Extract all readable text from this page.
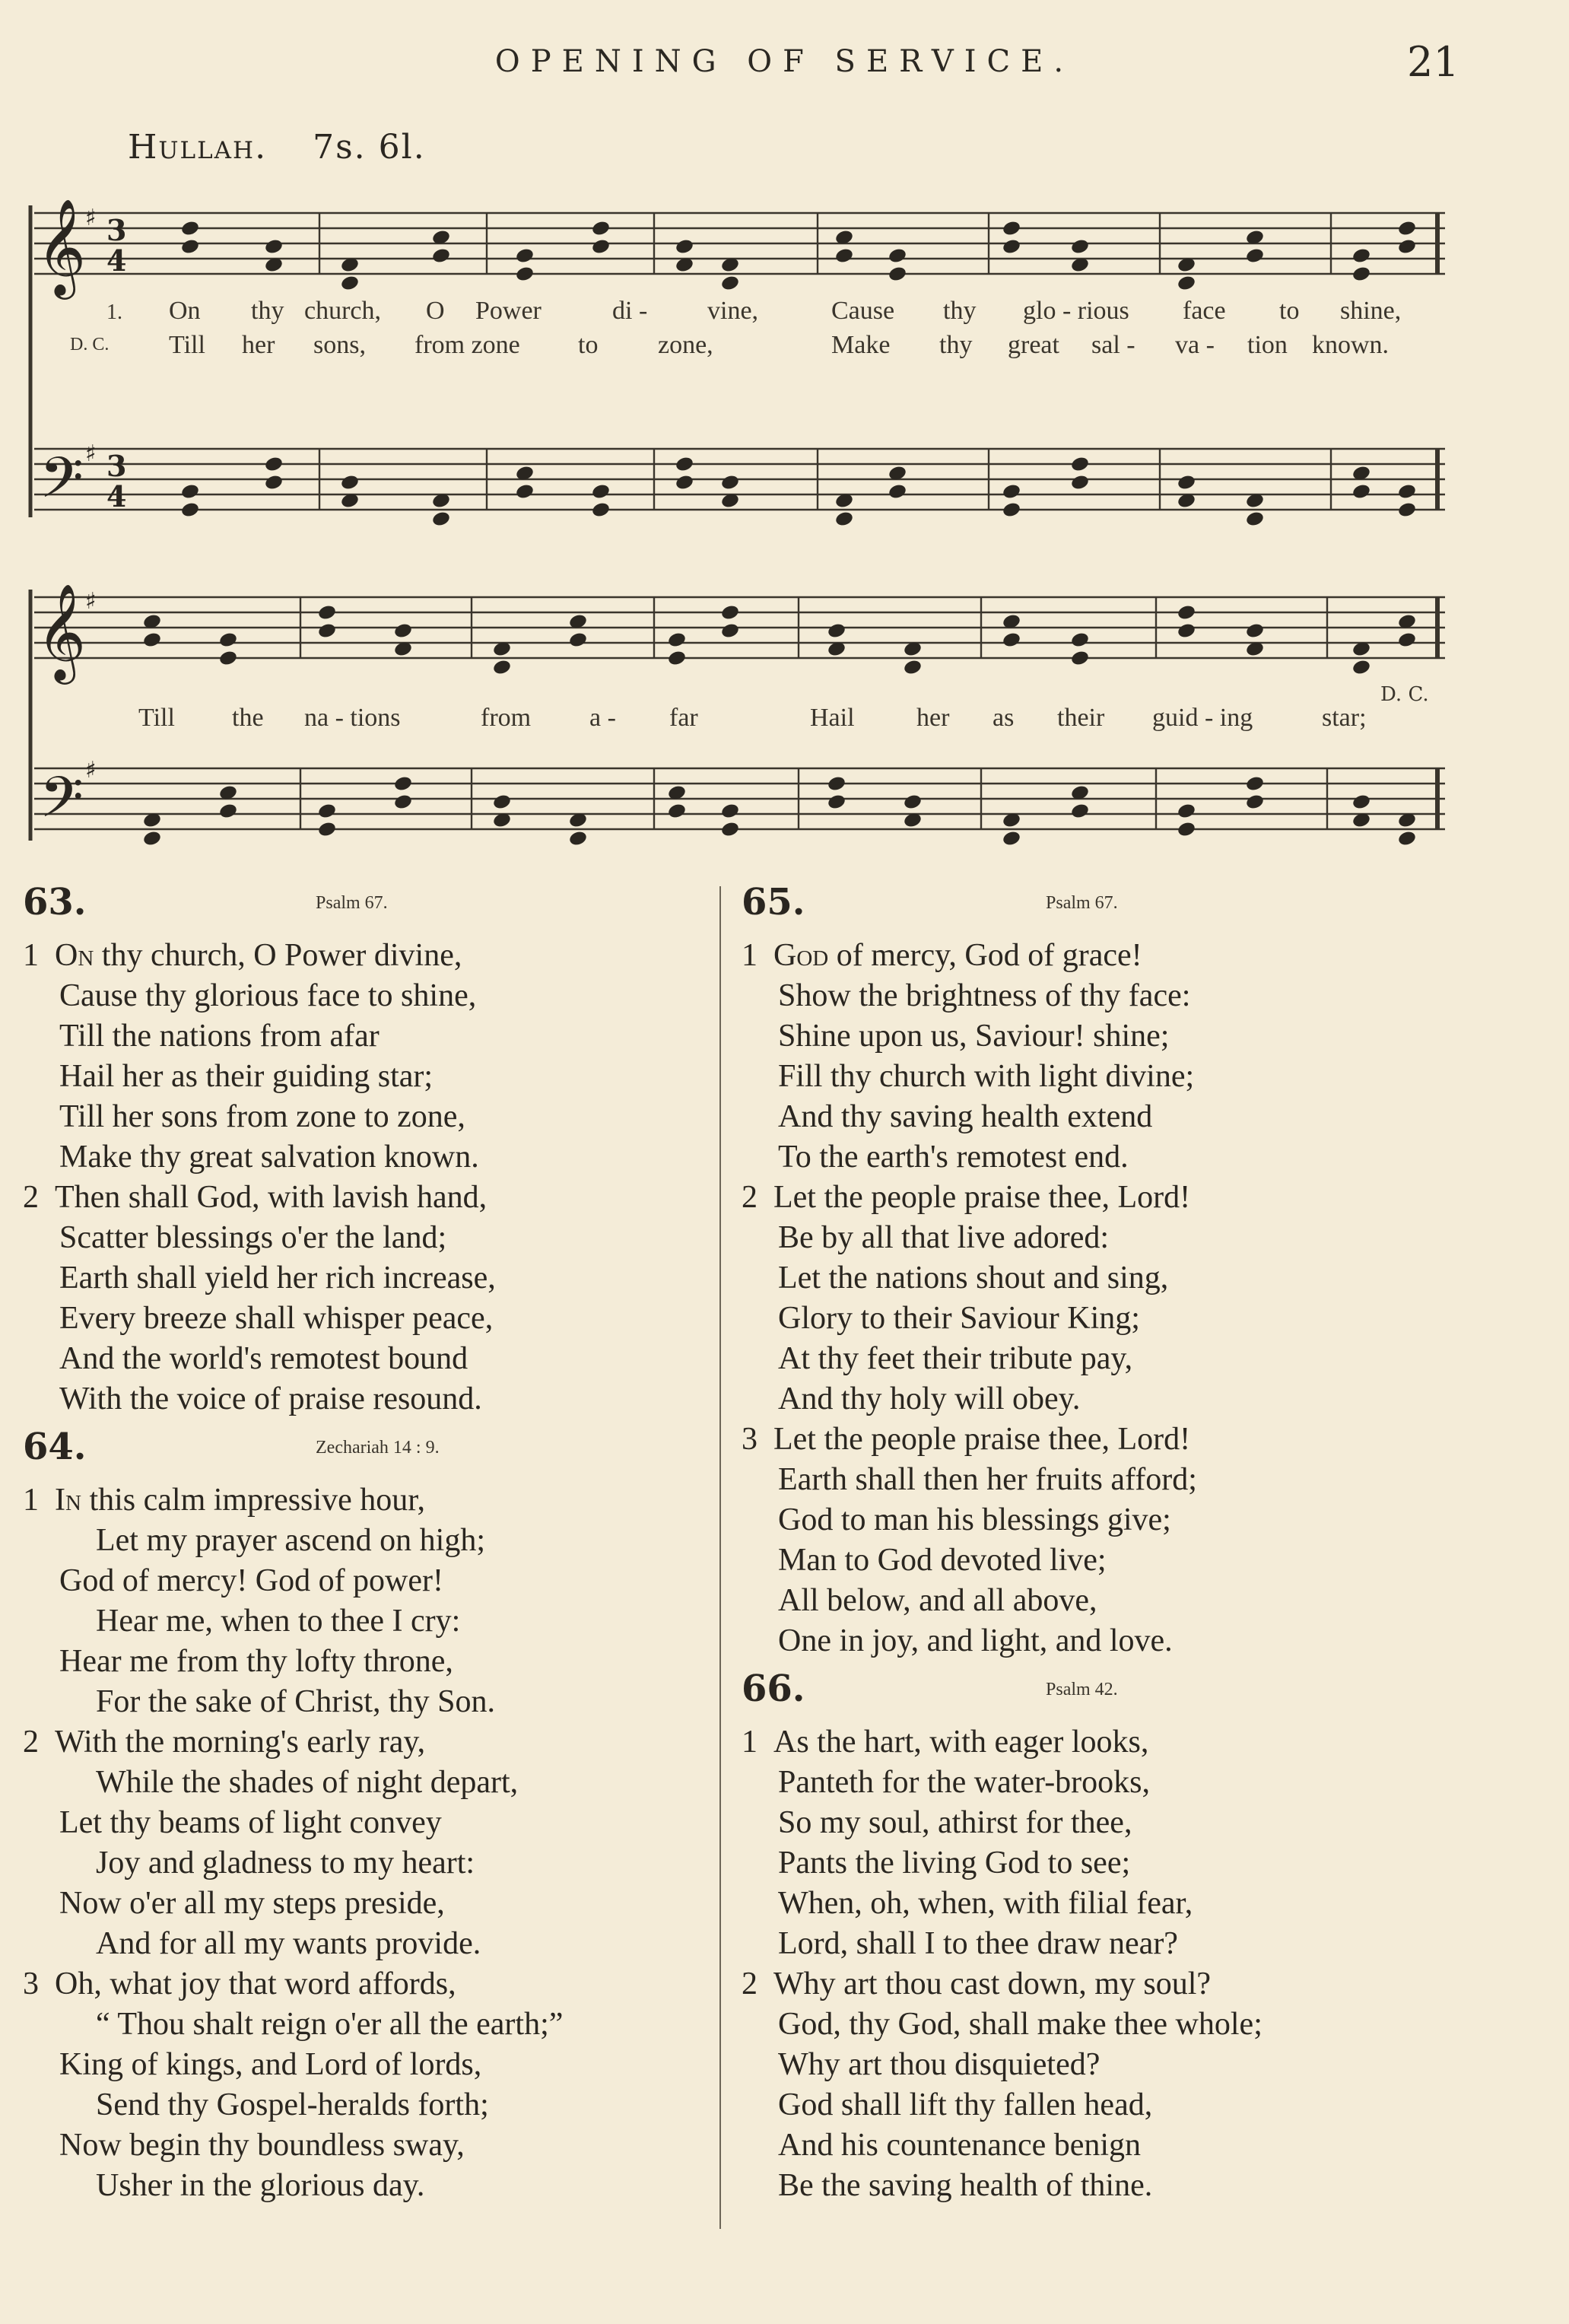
OPENING OF SERVICE.	21
Hullah. 7s. 6l.
𝄞
𝄢
𝄞
𝄢
3
4
3
4
♯
♯
♯
♯
1.
D. C.
On thy church, O Power	di - vine,	Cause thy glo - rious face to shine,
Till her sons, from zone to zone,	Make thy great sal - va - tion known.
Till the na - tions	from a - far	Hail her as their guid - ing	star;
D. C.
63.	Psalm 67.
1 On thy church, O Power divine,
Cause thy glorious face to shine,
Till the nations from afar
Hail her as their guiding star;
Till her sons from zone to zone,
Make thy great salvation known.
2 Then shall God, with lavish hand,
Scatter blessings o'er the land;
Earth shall yield her rich increase,
Every breeze shall whisper peace,
And the world's remotest bound
With the voice of praise resound.
64.	Zechariah 14 : 9.
1 In this calm impressive hour,
Let my prayer ascend on high;
God of mercy! God of power!
Hear me, when to thee I cry:
Hear me from thy lofty throne,
For the sake of Christ, thy Son.
2 With the morning's early ray,
While the shades of night depart,
Let thy beams of light convey
Joy and gladness to my heart:
Now o'er all my steps preside,
And for all my wants provide.
3 Oh, what joy that word affords,
“ Thou shalt reign o'er all the earth;”
King of kings, and Lord of lords,
Send thy Gospel-heralds forth;
Now begin thy boundless sway,
Usher in the glorious day.
65.	Psalm 67.
1 God of mercy, God of grace!
Show the brightness of thy face:
Shine upon us, Saviour! shine;
Fill thy church with light divine;
And thy saving health extend
To the earth's remotest end.
2 Let the people praise thee, Lord!
Be by all that live adored:
Let the nations shout and sing,
Glory to their Saviour King;
At thy feet their tribute pay,
And thy holy will obey.
3 Let the people praise thee, Lord!
Earth shall then her fruits afford;
God to man his blessings give;
Man to God devoted live;
All below, and all above,
One in joy, and light, and love.
66.	Psalm 42.
1 As the hart, with eager looks,
Panteth for the water-brooks,
So my soul, athirst for thee,
Pants the living God to see;
When, oh, when, with filial fear,
Lord, shall I to thee draw near?
2 Why art thou cast down, my soul?
God, thy God, shall make thee whole;
Why art thou disquieted?
God shall lift thy fallen head,
And his countenance benign
Be the saving health of thine.
